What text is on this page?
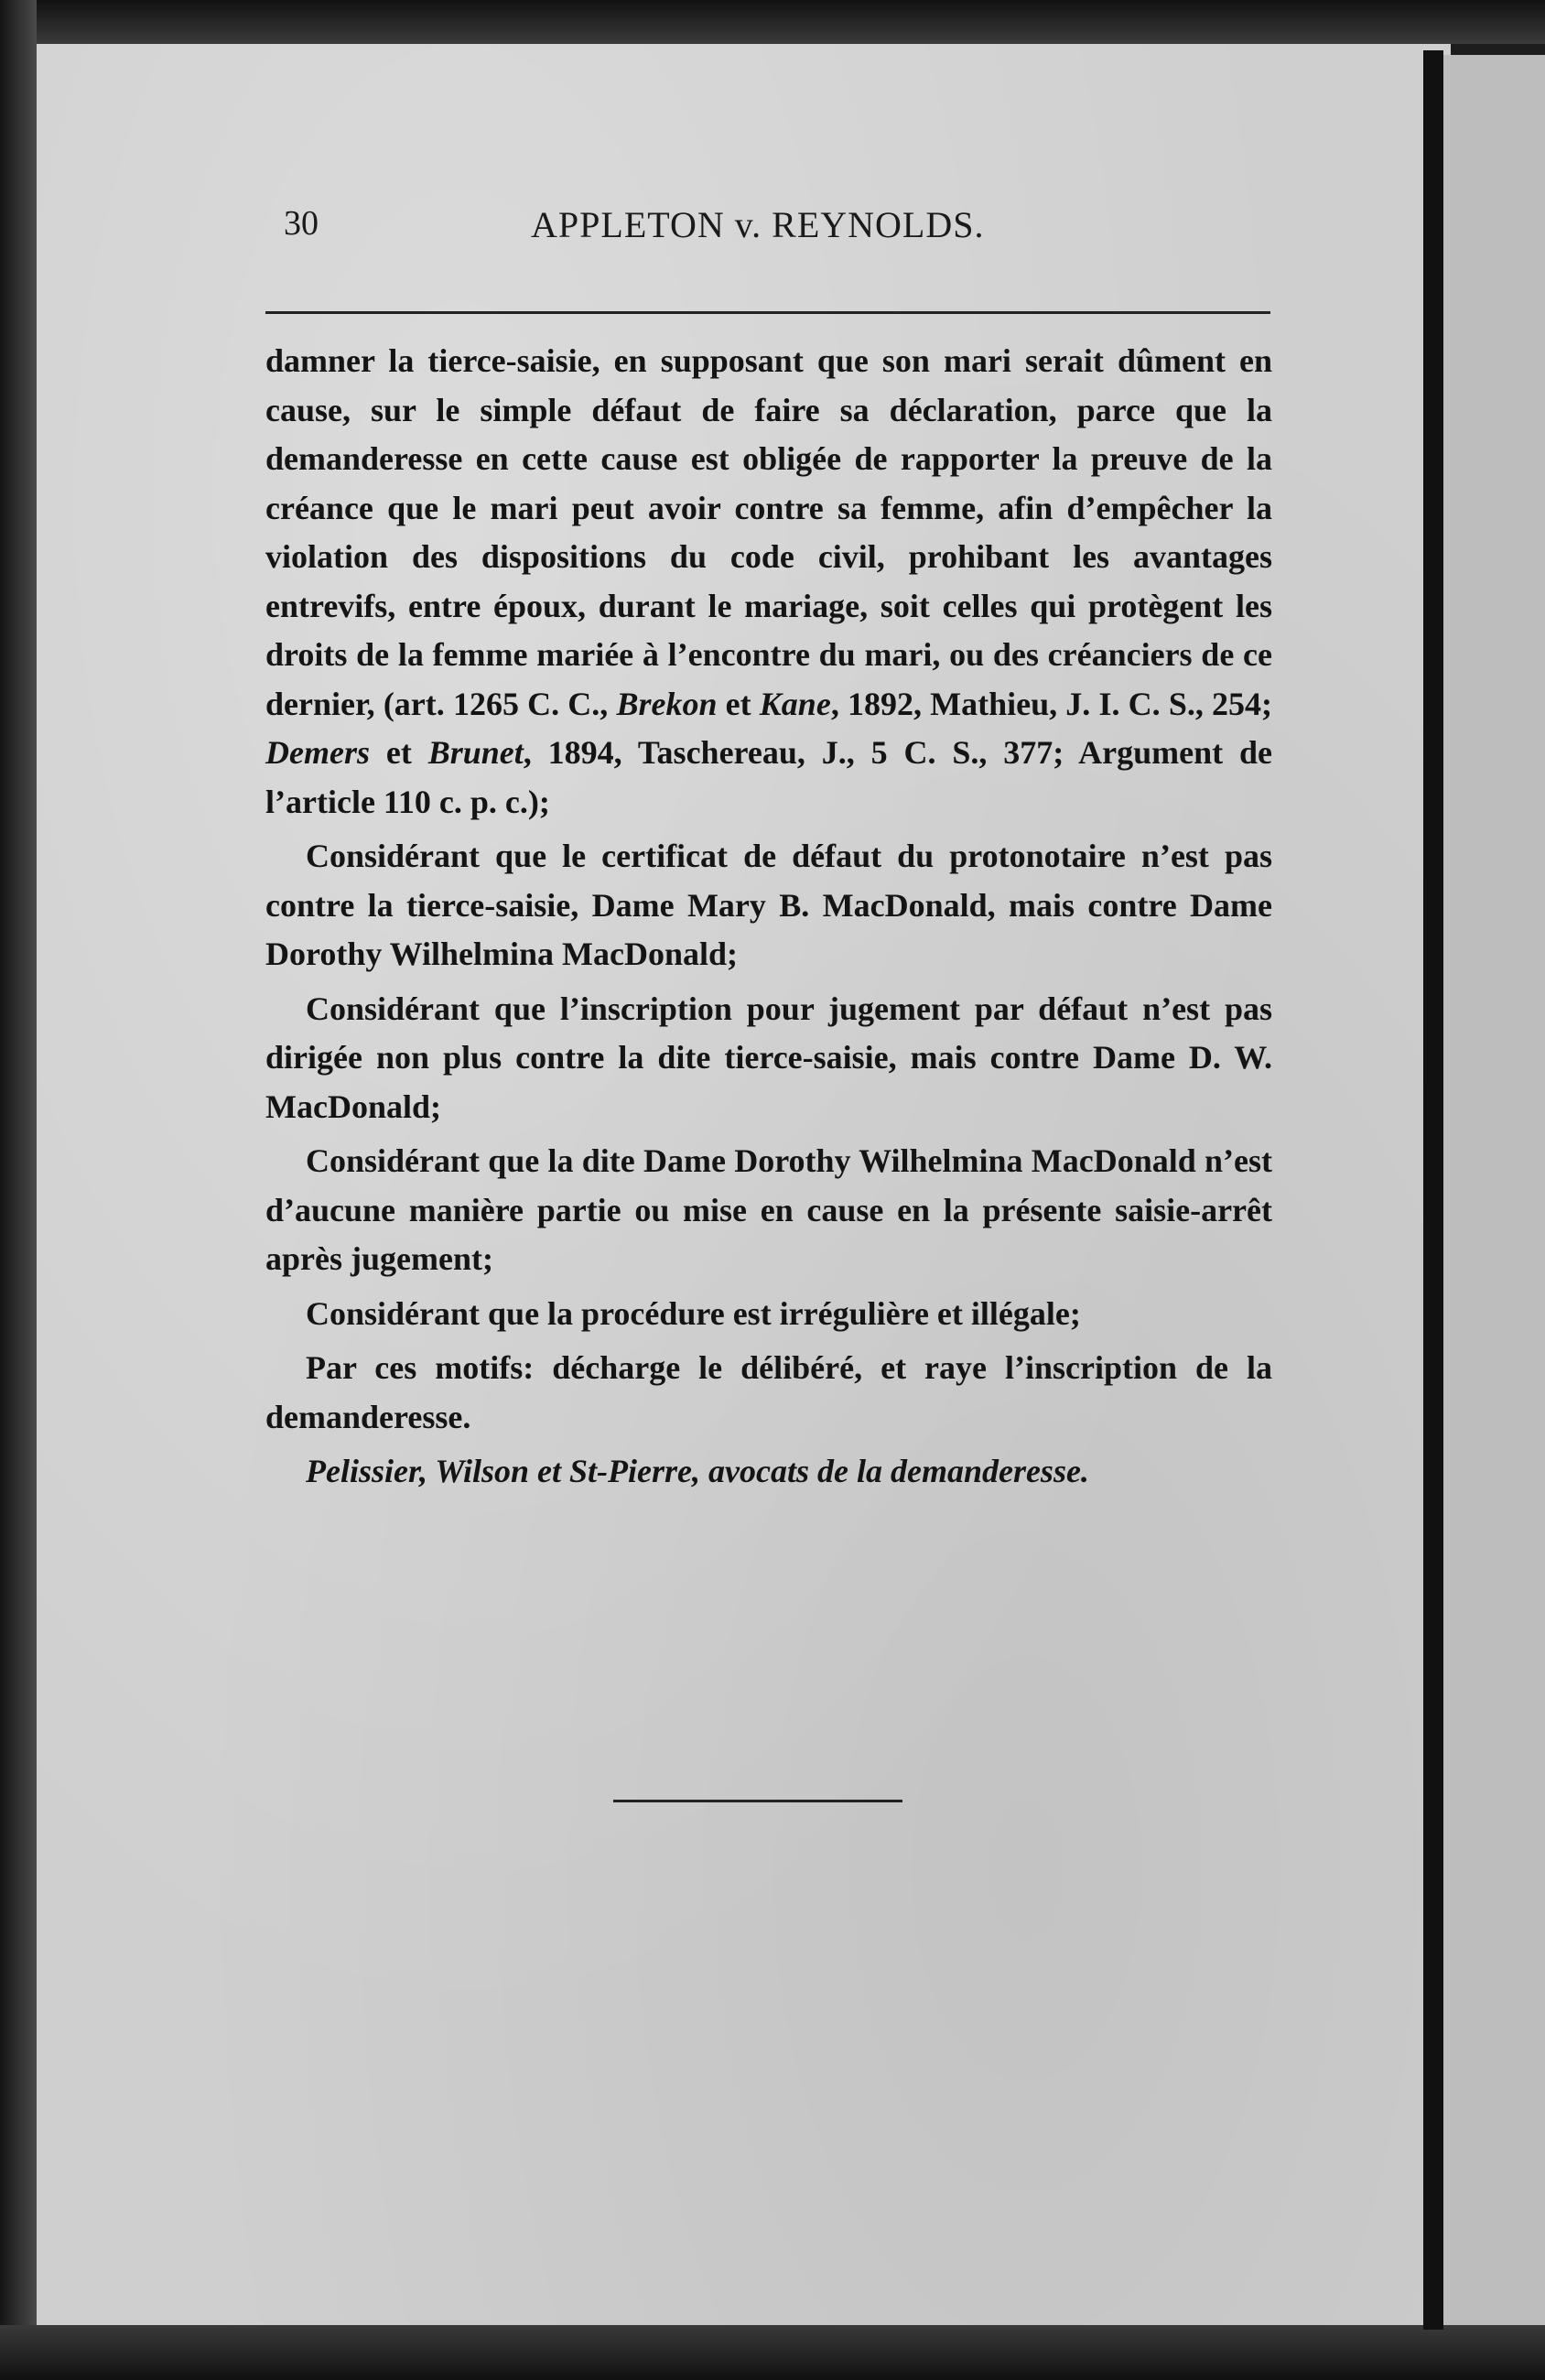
30	APPLETON v. REYNOLDS.

damner la tierce-saisie, en supposant que son mari serait dûment en cause, sur le simple défaut de faire sa déclaration, parce que la demanderesse en cette cause est obligée de rapporter la preuve de la créance que le mari peut avoir contre sa femme, afin d’empêcher la violation des dispositions du code civil, prohibant les avantages entrevifs, entre époux, durant le mariage, soit celles qui protègent les droits de la femme mariée à l’encontre du mari, ou des créanciers de ce dernier, (art. 1265 C. C., Brekon et Kane, 1892, Mathieu, J. I. C. S., 254; Demers et Brunet, 1894, Taschereau, J., 5 C. S., 377; Argument de l’article 110 c. p. c.);

Considérant que le certificat de défaut du protonotaire n’est pas contre la tierce-saisie, Dame Mary B. MacDonald, mais contre Dame Dorothy Wilhelmina MacDonald;

Considérant que l’inscription pour jugement par défaut n’est pas dirigée non plus contre la dite tierce-saisie, mais contre Dame D. W. MacDonald;

Considérant que la dite Dame Dorothy Wilhelmina MacDonald n’est d’aucune manière partie ou mise en cause en la présente saisie-arrêt après jugement;

Considérant que la procédure est irrégulière et illégale;

Par ces motifs: décharge le délibéré, et raye l’inscription de la demanderesse.

Pelissier, Wilson et St-Pierre, avocats de la demanderesse.
